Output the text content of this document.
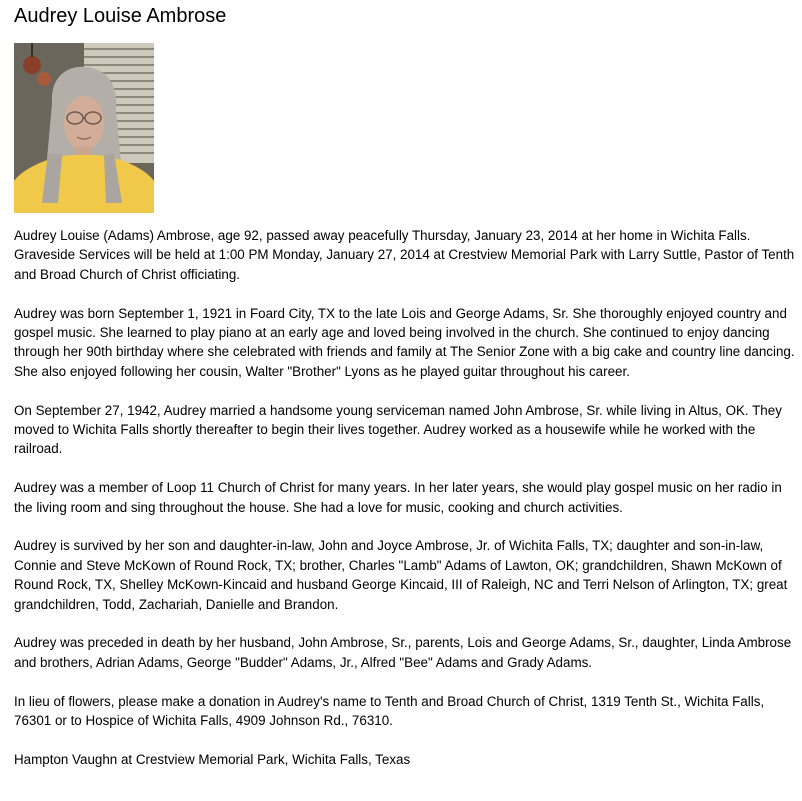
Audrey Louise Ambrose

Audrey Louise (Adams) Ambrose, age 92, passed away peacefully Thursday, January 23, 2014 at her home in Wichita Falls. Graveside Services will be held at 1:00 PM Monday, January 27, 2014 at Crestview Memorial Park with Larry Suttle, Pastor of Tenth and Broad Church of Christ officiating.

Audrey was born September 1, 1921 in Foard City, TX to the late Lois and George Adams, Sr. She thoroughly enjoyed country and gospel music. She learned to play piano at an early age and loved being involved in the church. She continued to enjoy dancing through her 90th birthday where she celebrated with friends and family at The Senior Zone with a big cake and country line dancing. She also enjoyed following her cousin, Walter "Brother" Lyons as he played guitar throughout his career.

On September 27, 1942, Audrey married a handsome young serviceman named John Ambrose, Sr. while living in Altus, OK. They moved to Wichita Falls shortly thereafter to begin their lives together. Audrey worked as a housewife while he worked with the railroad.

Audrey was a member of Loop 11 Church of Christ for many years. In her later years, she would play gospel music on her radio in the living room and sing throughout the house. She had a love for music, cooking and church activities.

Audrey is survived by her son and daughter-in-law, John and Joyce Ambrose, Jr. of Wichita Falls, TX; daughter and son-in-law, Connie and Steve McKown of Round Rock, TX; brother, Charles "Lamb" Adams of Lawton, OK; grandchildren, Shawn McKown of Round Rock, TX, Shelley McKown-Kincaid and husband George Kincaid, III of Raleigh, NC and Terri Nelson of Arlington, TX; great grandchildren, Todd, Zachariah, Danielle and Brandon.

Audrey was preceded in death by her husband, John Ambrose, Sr., parents, Lois and George Adams, Sr., daughter, Linda Ambrose and brothers, Adrian Adams, George "Budder" Adams, Jr., Alfred "Bee" Adams and Grady Adams.

In lieu of flowers, please make a donation in Audrey's name to Tenth and Broad Church of Christ, 1319 Tenth St., Wichita Falls, 76301 or to Hospice of Wichita Falls, 4909 Johnson Rd., 76310.

Hampton Vaughn at Crestview Memorial Park, Wichita Falls, Texas
